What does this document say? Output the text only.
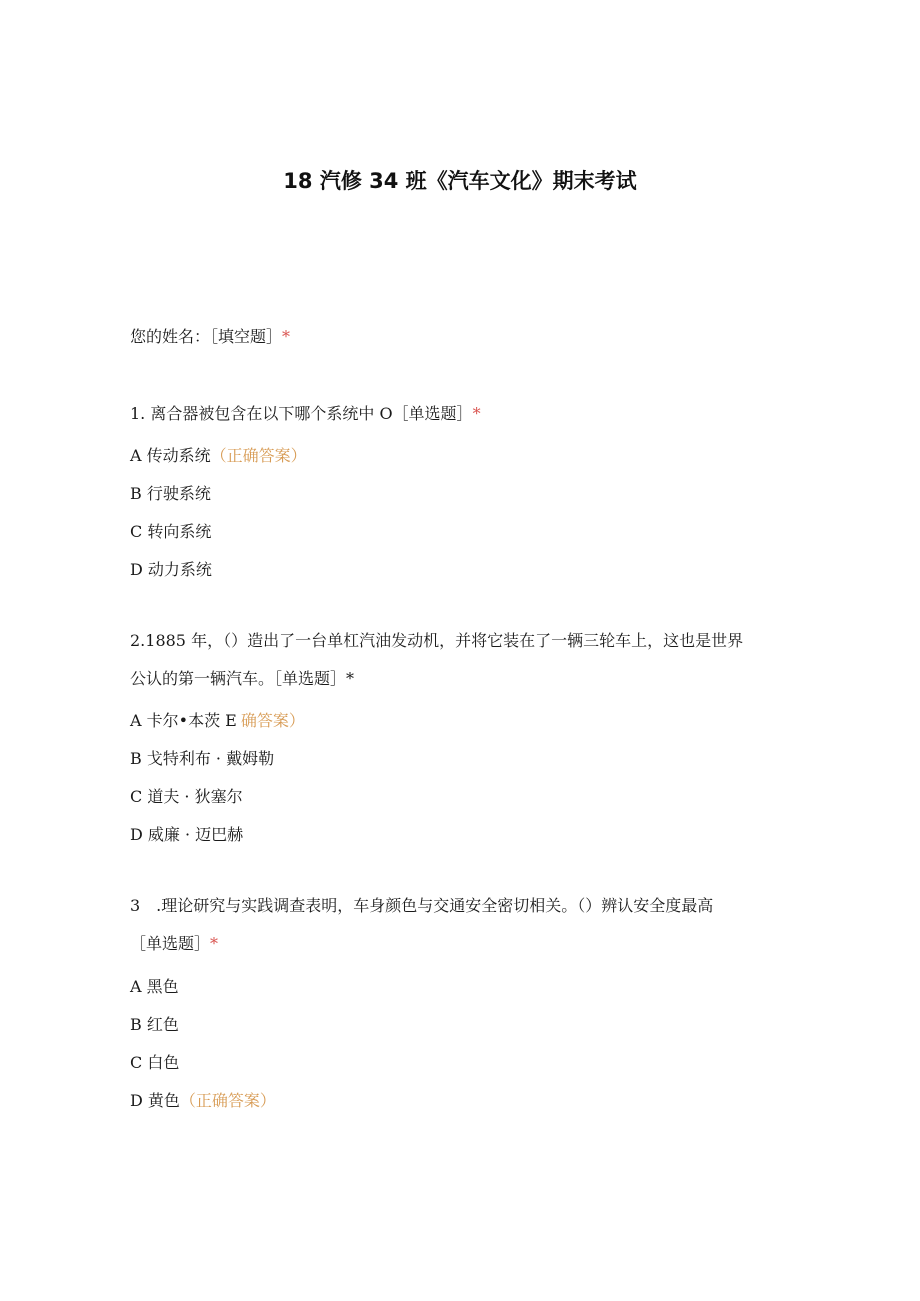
18 汽修 34 班《汽车文化》期末考试
您的姓名：［填空题］*
1. 离合器被包含在以下哪个系统中 O［单选题］*
A 传动系统（正确答案）
B 行驶系统
C 转向系统
D 动力系统
2.1885 年，（）造出了一台单杠汽油发动机，并将它装在了一辆三轮车上，这也是世界
公认的第一辆汽车。［单选题］*
A 卡尔•本茨 E 确答案）
B 戈特利布 · 戴姆勒
C 道夫 · 狄塞尔
D 威廉 · 迈巴赫
3　.理论研究与实践调查表明，车身颜色与交通安全密切相关。（）辨认安全度最高
［单选题］*
A 黑色
B 红色
C 白色
D 黄色（正确答案）
